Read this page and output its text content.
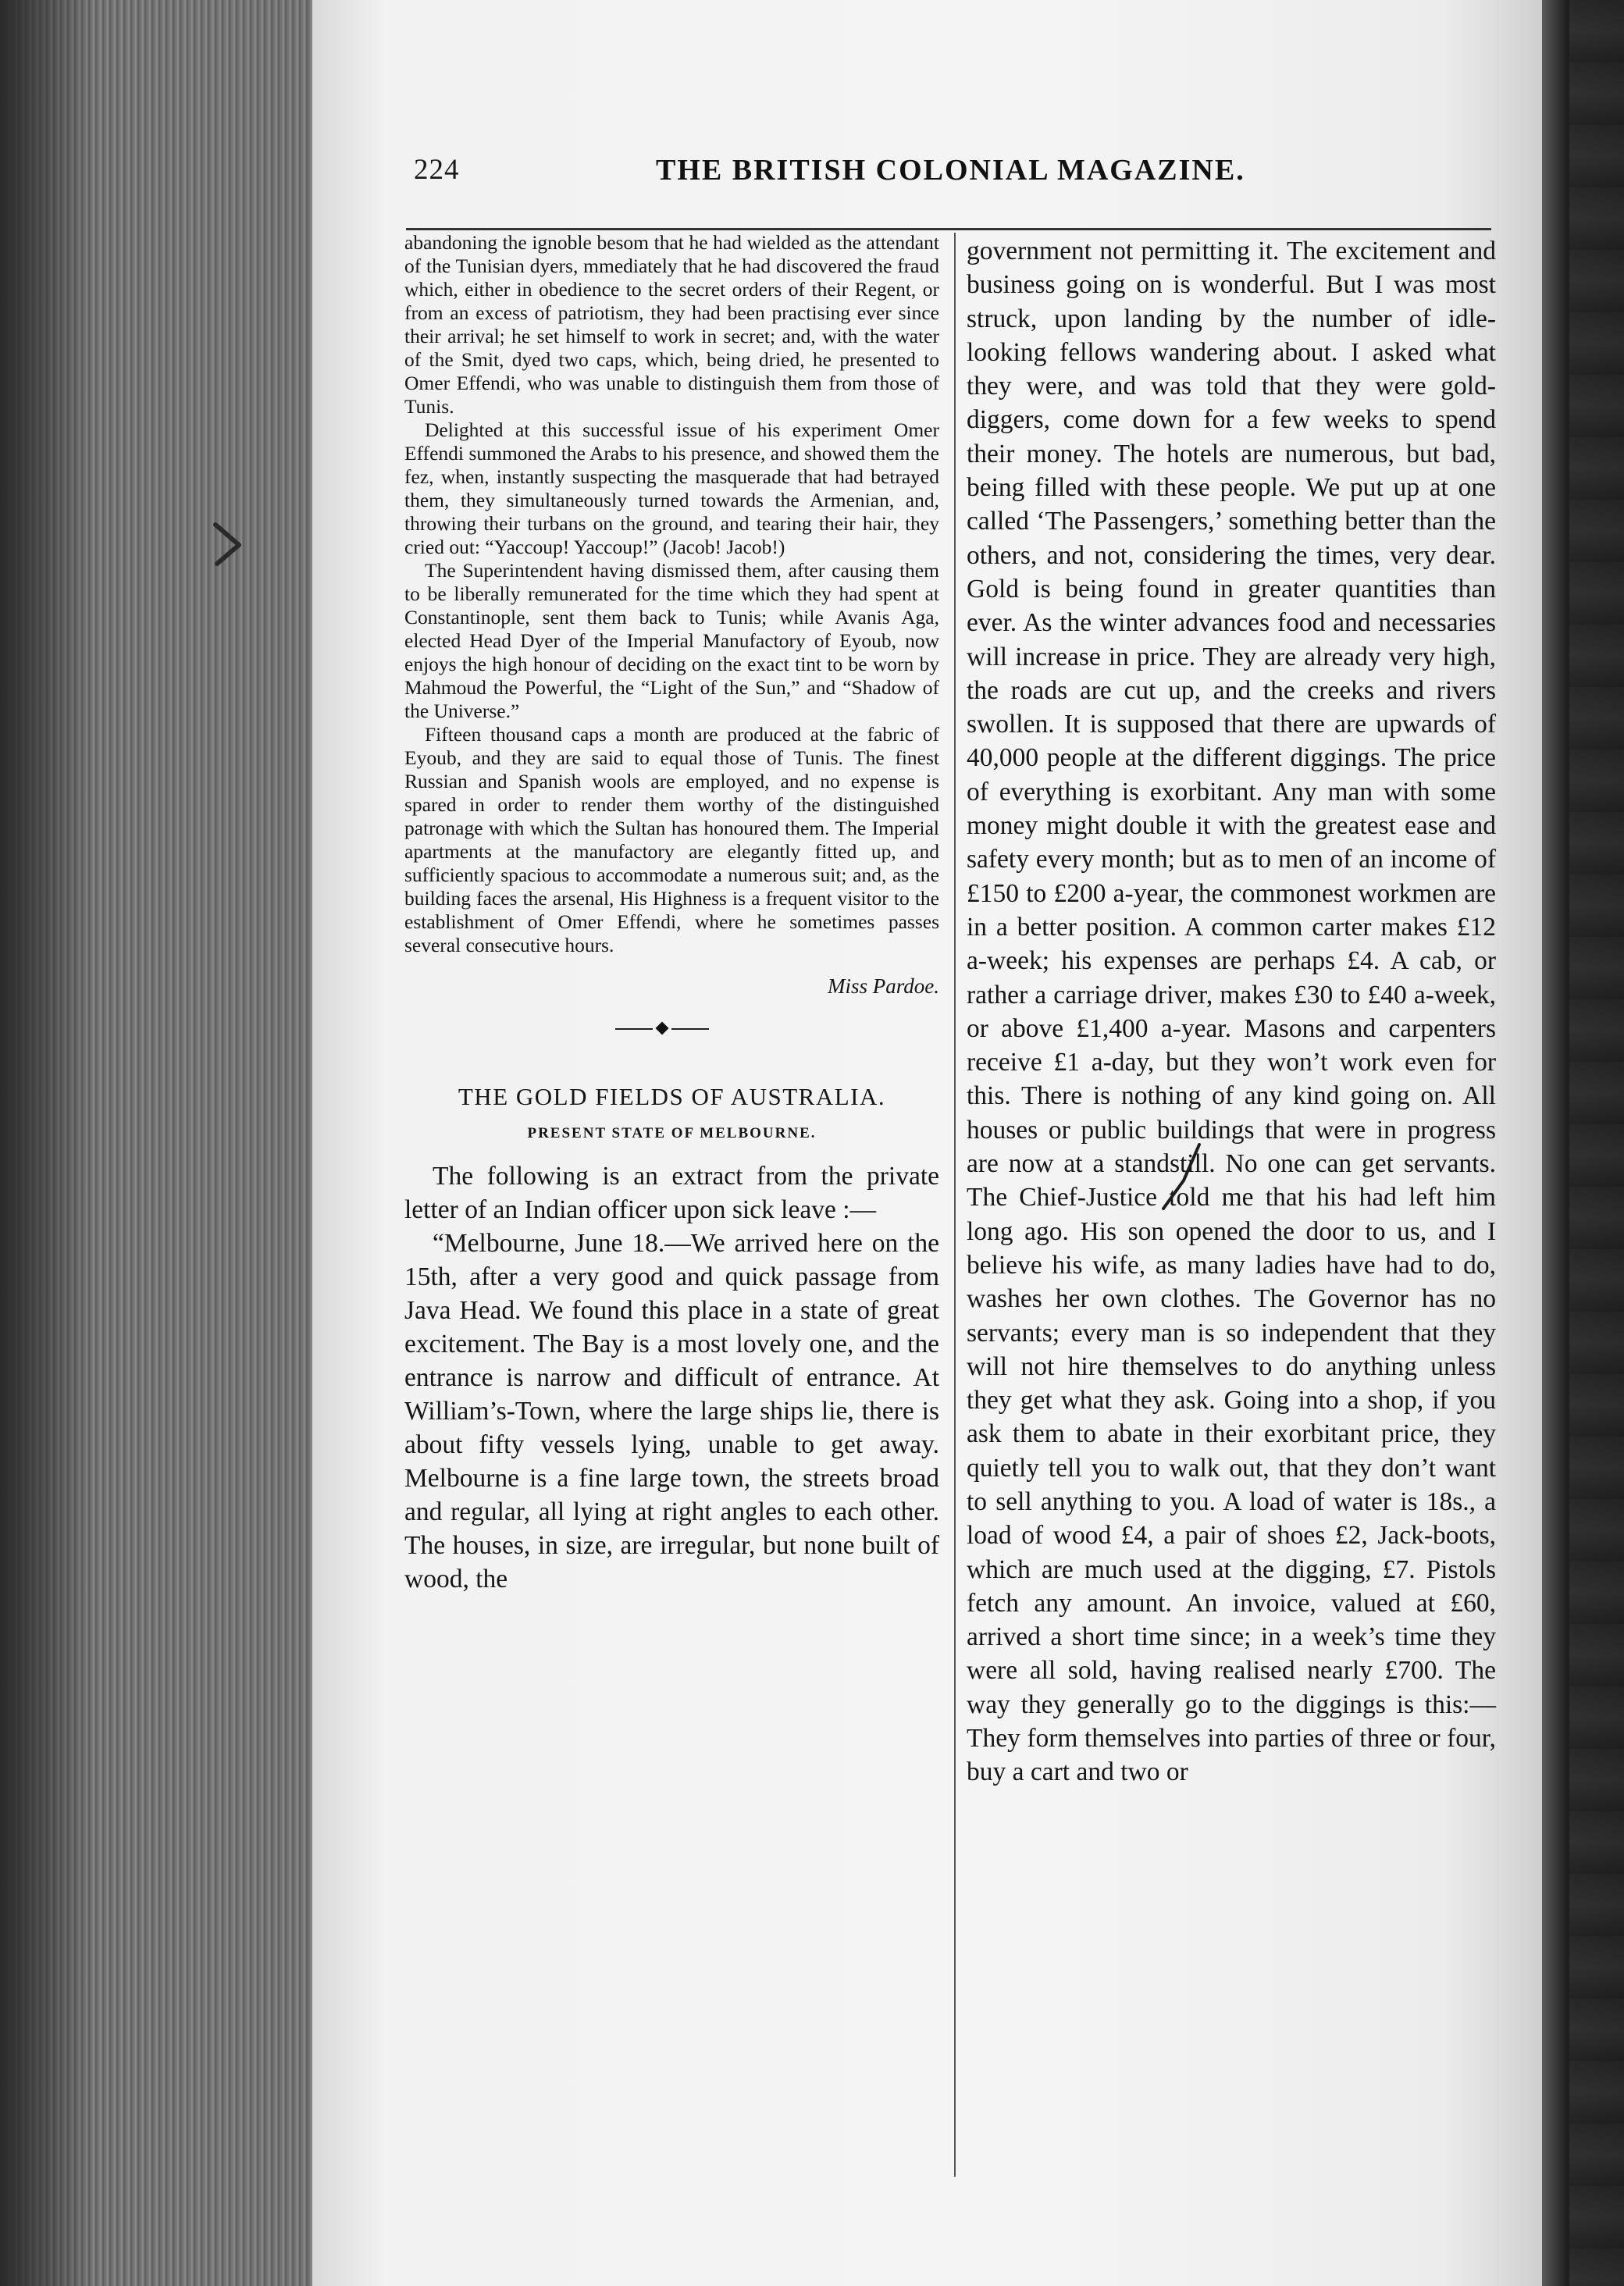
224	THE BRITISH COLONIAL MAGAZINE.

abandoning the ignoble besom that he had wielded as the attendant of the Tunisian dyers, mmediately that he had discovered the fraud which, either in obedience to the secret orders of their Regent, or from an excess of patriotism, they had been practising ever since their arrival; he set himself to work in secret; and, with the water of the Smit, dyed two caps, which, being dried, he presented to Omer Effendi, who was unable to distinguish them from those of Tunis.

Delighted at this successful issue of his experiment Omer Effendi summoned the Arabs to his presence, and showed them the fez, when, instantly suspecting the masquerade that had betrayed them, they simultaneously turned towards the Armenian, and, throwing their turbans on the ground, and tearing their hair, they cried out: “Yaccoup! Yaccoup!” (Jacob! Jacob!)

The Superintendent having dismissed them, after causing them to be liberally remunerated for the time which they had spent at Constantinople, sent them back to Tunis; while Avanis Aga, elected Head Dyer of the Imperial Manufactory of Eyoub, now enjoys the high honour of deciding on the exact tint to be worn by Mahmoud the Powerful, the “Light of the Sun,” and “Shadow of the Universe.”

Fifteen thousand caps a month are produced at the fabric of Eyoub, and they are said to equal those of Tunis. The finest Russian and Spanish wools are employed, and no expense is spared in order to render them worthy of the distinguished patronage with which the Sultan has honoured them. The Imperial apartments at the manufactory are elegantly fitted up, and sufficiently spacious to accommodate a numerous suit; and, as the building faces the arsenal, His Highness is a frequent visitor to the establishment of Omer Effendi, where he sometimes passes several consecutive hours.

Miss Pardoe.

THE GOLD FIELDS OF AUSTRALIA.

PRESENT STATE OF MELBOURNE.

The following is an extract from the private letter of an Indian officer upon sick leave :—

“Melbourne, June 18.—We arrived here on the 15th, after a very good and quick passage from Java Head. We found this place in a state of great excitement. The Bay is a most lovely one, and the entrance is narrow and difficult of entrance. At William’s-Town, where the large ships lie, there is about fifty vessels lying, unable to get away. Melbourne is a fine large town, the streets broad and regular, all lying at right angles to each other. The houses, in size, are irregular, but none built of wood, the

government not permitting it. The excitement and business going on is wonderful. But I was most struck, upon landing by the number of idle-looking fellows wandering about. I asked what they were, and was told that they were gold-diggers, come down for a few weeks to spend their money. The hotels are numerous, but bad, being filled with these people. We put up at one called ‘The Passengers,’ something better than the others, and not, considering the times, very dear. Gold is being found in greater quantities than ever. As the winter advances food and necessaries will increase in price. They are already very high, the roads are cut up, and the creeks and rivers swollen. It is supposed that there are upwards of 40,000 people at the different diggings. The price of everything is exorbitant. Any man with some money might double it with the greatest ease and safety every month; but as to men of an income of £150 to £200 a-year, the commonest workmen are in a better position. A common carter makes £12 a-week; his expenses are perhaps £4. A cab, or rather a carriage driver, makes £30 to £40 a-week, or above £1,400 a-year. Masons and carpenters receive £1 a-day, but they won’t work even for this. There is nothing of any kind going on. All houses or public buildings that were in progress are now at a standstill. No one can get servants. The Chief-Justice told me that his had left him long ago. His son opened the door to us, and I believe his wife, as many ladies have had to do, washes her own clothes. The Governor has no servants; every man is so independent that they will not hire themselves to do anything unless they get what they ask. Going into a shop, if you ask them to abate in their exorbitant price, they quietly tell you to walk out, that they don’t want to sell anything to you. A load of water is 18s., a load of wood £4, a pair of shoes £2, Jack-boots, which are much used at the digging, £7. Pistols fetch any amount. An invoice, valued at £60, arrived a short time since; in a week’s time they were all sold, having realised nearly £700. The way they generally go to the diggings is this:—They form themselves into parties of three or four, buy a cart and two or
